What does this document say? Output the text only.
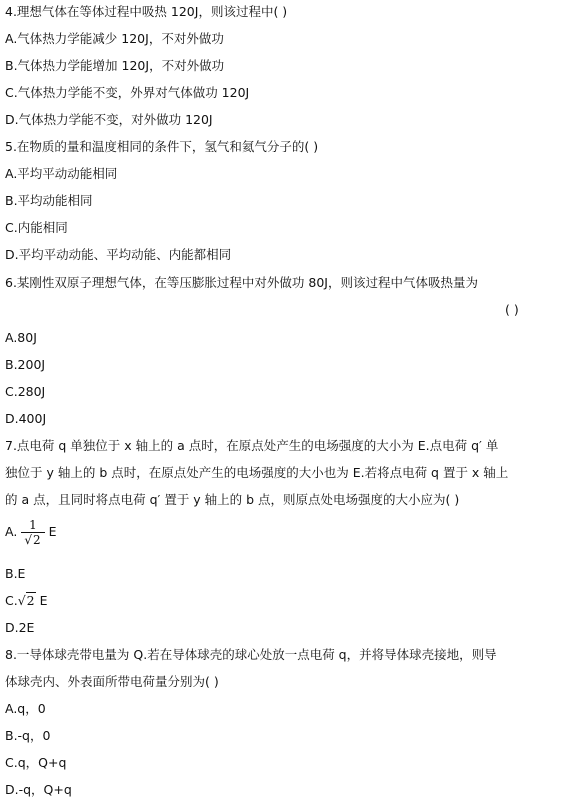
4.理想气体在等体过程中吸热 120J，则该过程中( )
A.气体热力学能减少 120J，不对外做功
B.气体热力学能增加 120J，不对外做功
C.气体热力学能不变，外界对气体做功 120J
D.气体热力学能不变，对外做功 120J
5.在物质的量和温度相同的条件下，氢气和氦气分子的( )
A.平均平动动能相同
B.平均动能相同
C.内能相同
D.平均平动动能、平均动能、内能都相同
6.某刚性双原子理想气体，在等压膨胀过程中对外做功 80J，则该过程中气体吸热量为
( )
A.80J
B.200J
C.280J
D.400J
7.点电荷 q 单独位于 x 轴上的 a 点时，在原点处产生的电场强度的大小为 E.点电荷 q′ 单
独位于 y 轴上的 b 点时，在原点处产生的电场强度的大小也为 E.若将点电荷 q 置于 x 轴上
的 a 点，且同时将点电荷 q′ 置于 y 轴上的 b 点，则原点处电场强度的大小应为( )
A. $\frac{1}{√2}$ E
B.E
C.√2 E
D.2E
8.一导体球壳带电量为 Q.若在导体球壳的球心处放一点电荷 q，并将导体球壳接地，则导
体球壳内、外表面所带电荷量分别为( )
A.q，0
B.-q，0
C.q，Q+q
D.-q，Q+q
